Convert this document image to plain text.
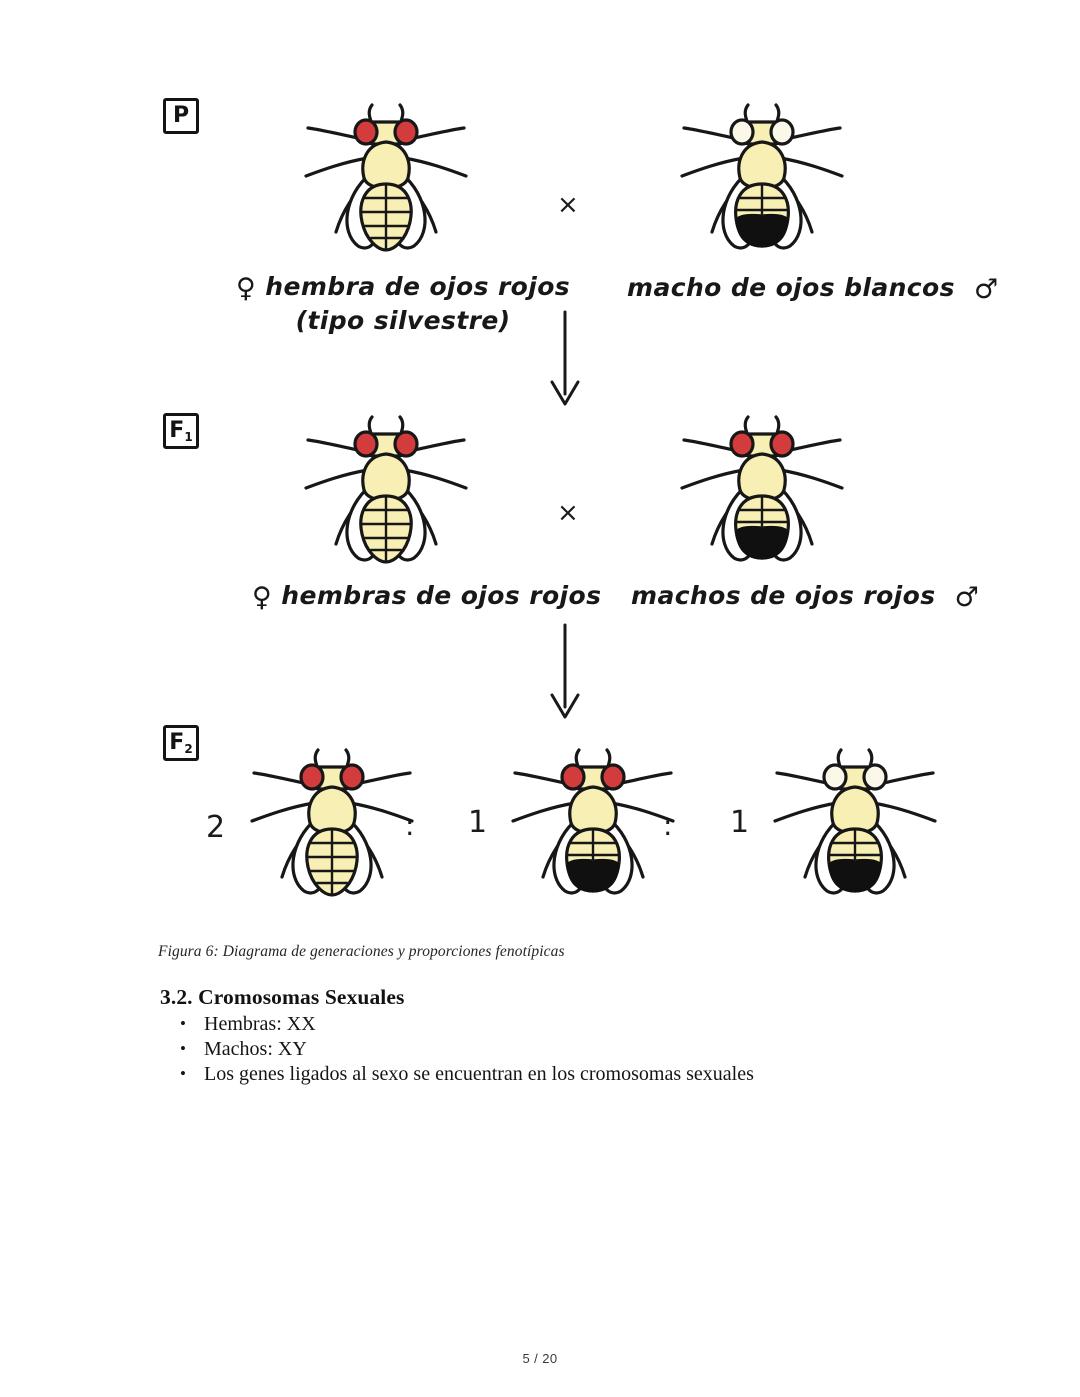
P
F 1
F 2
×
♀ hembra de ojos rojos
(tipo silvestre)
macho de ojos blancos ♂
×
♀ hembras de ojos rojos machos de ojos rojos ♂
2	: 1	: 1
Figura 6: Diagrama de generaciones y proporciones fenotípicas
3.2. Cromosomas Sexuales
• Hembras: XX
• Machos: XY
• Los genes ligados al sexo se encuentran en los cromosomas sexuales
5 / 20
